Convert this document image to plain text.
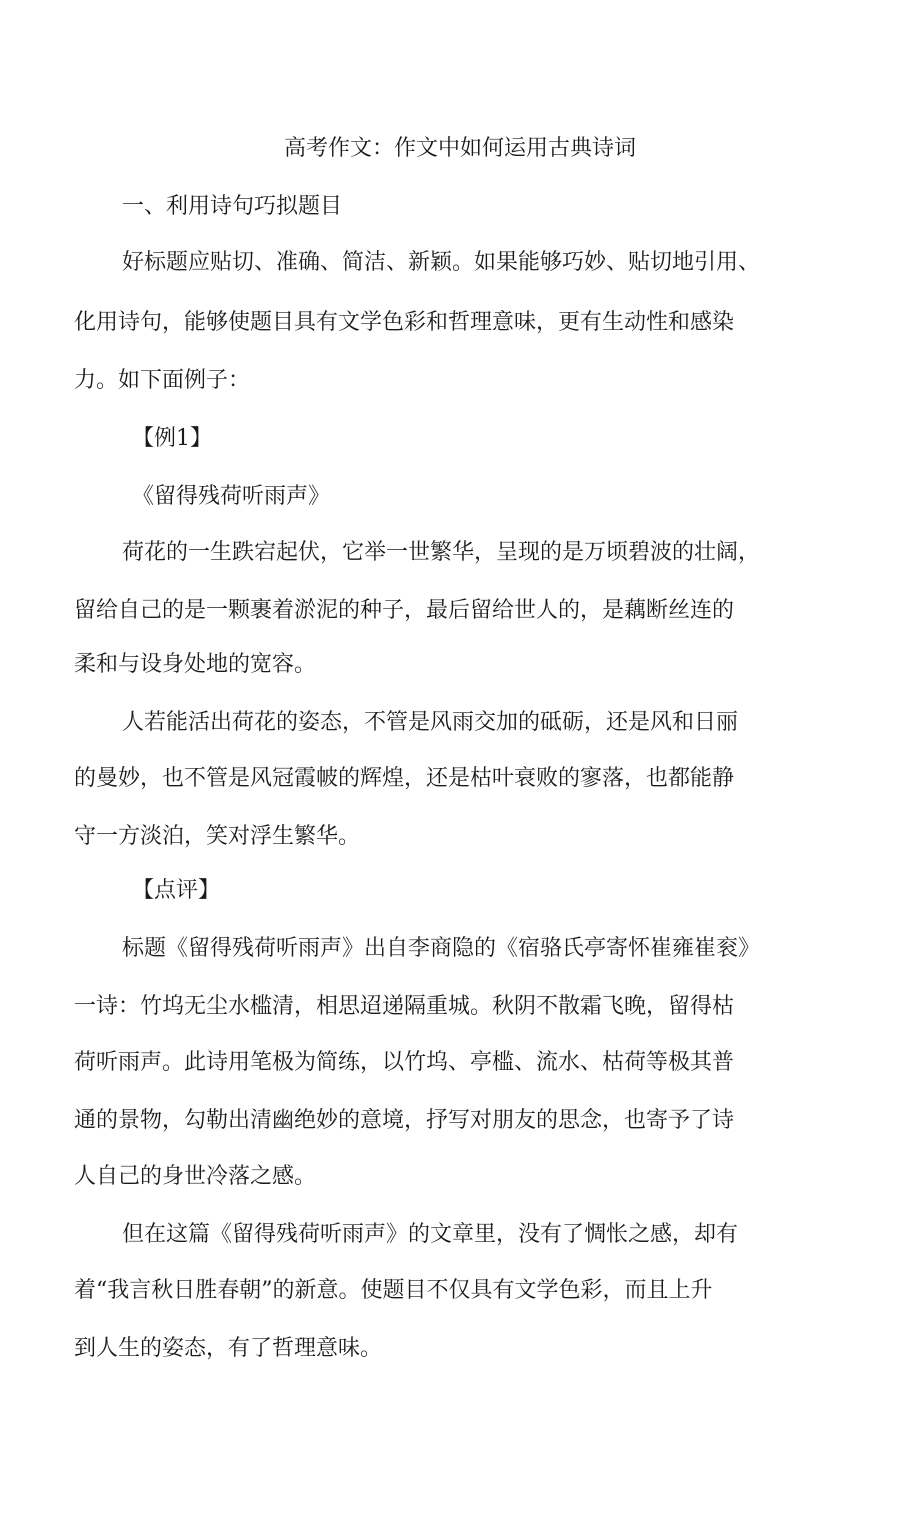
高考作文：作文中如何运用古典诗词
一、利用诗句巧拟题目
好标题应贴切、准确、简洁、新颖。如果能够巧妙、贴切地引用、
化用诗句，能够使题目具有文学色彩和哲理意味，更有生动性和感染
力。如下面例子：
【例1】
《留得残荷听雨声》
荷花的一生跌宕起伏，它举一世繁华，呈现的是万顷碧波的壮阔，
留给自己的是一颗裹着淤泥的种子，最后留给世人的，是藕断丝连的
柔和与设身处地的宽容。
人若能活出荷花的姿态，不管是风雨交加的砥砺，还是风和日丽
的曼妙，也不管是风冠霞帔的辉煌，还是枯叶衰败的寥落，也都能静
守一方淡泊，笑对浮生繁华。
【点评】
标题《留得残荷听雨声》出自李商隐的《宿骆氏亭寄怀崔雍崔衮》
一诗：竹坞无尘水槛清，相思迢递隔重城。秋阴不散霜飞晚，留得枯
荷听雨声。此诗用笔极为简练，以竹坞、亭槛、流水、枯荷等极其普
通的景物，勾勒出清幽绝妙的意境，抒写对朋友的思念，也寄予了诗
人自己的身世冷落之感。
但在这篇《留得残荷听雨声》的文章里，没有了惆怅之感，却有
着“我言秋日胜春朝”的新意。使题目不仅具有文学色彩，而且上升
到人生的姿态，有了哲理意味。
